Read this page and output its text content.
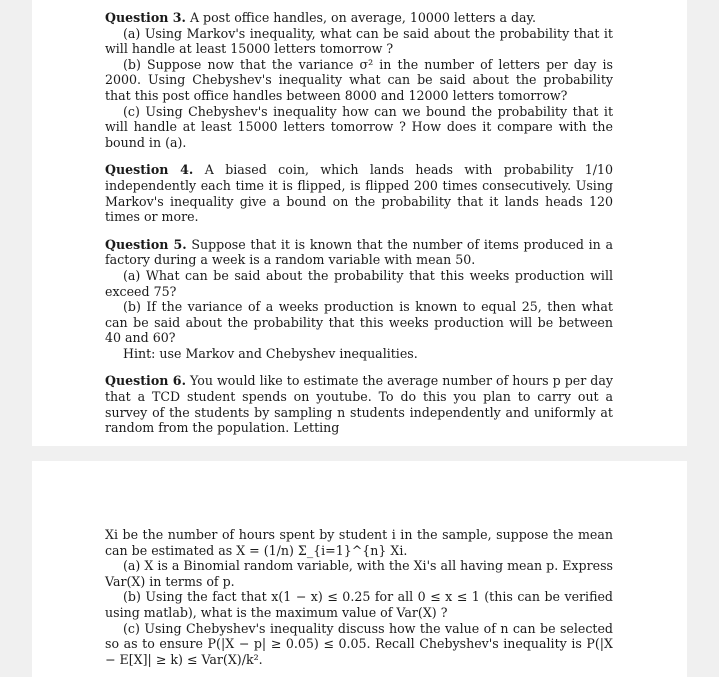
Question 3. A post office handles, on average, 10000 letters a day.
(a) Using Markov's inequality, what can be said about the probability that it will handle at least 15000 letters tomorrow ?
(b) Suppose now that the variance σ² in the number of letters per day is 2000. Using Chebyshev's inequality what can be said about the probability that this post office handles between 8000 and 12000 letters tomorrow?
(c) Using Chebyshev's inequality how can we bound the probability that it will handle at least 15000 letters tomorrow ? How does it compare with the bound in (a).
Question 4. A biased coin, which lands heads with probability 1/10 independently each time it is flipped, is flipped 200 times consecutively. Using Markov's inequality give a bound on the probability that it lands heads 120 times or more.
Question 5. Suppose that it is known that the number of items produced in a factory during a week is a random variable with mean 50.
(a) What can be said about the probability that this weeks production will exceed 75?
(b) If the variance of a weeks production is known to equal 25, then what can be said about the probability that this weeks production will be between 40 and 60?
Hint: use Markov and Chebyshev inequalities.
Question 6. You would like to estimate the average number of hours p per day that a TCD student spends on youtube. To do this you plan to carry out a survey of the students by sampling n students independently and uniformly at random from the population. Letting
Xi be the number of hours spent by student i in the sample, suppose the mean can be estimated as X = (1/n) Σ_{i=1}^{n} Xi.
(a) X is a Binomial random variable, with the Xi's all having mean p. Express Var(X) in terms of p.
(b) Using the fact that x(1 − x) ≤ 0.25 for all 0 ≤ x ≤ 1 (this can be verified using matlab), what is the maximum value of Var(X) ?
(c) Using Chebyshev's inequality discuss how the value of n can be selected so as to ensure P(|X − p| ≥ 0.05) ≤ 0.05. Recall Chebyshev's inequality is P(|X − E[X]| ≥ k) ≤ Var(X)/k².
